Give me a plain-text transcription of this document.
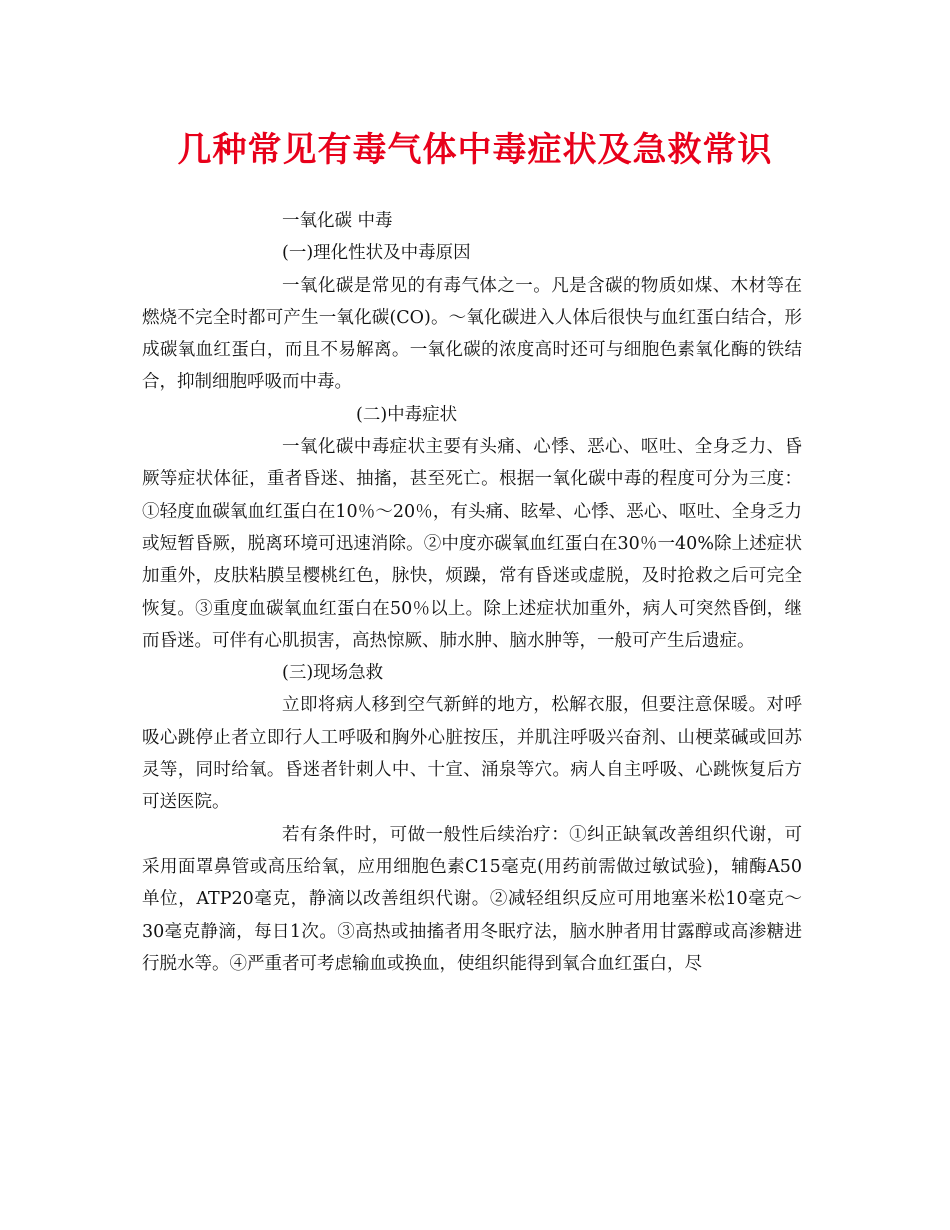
几种常见有毒气体中毒症状及急救常识

一氧化碳 中毒

(一)理化性状及中毒原因

一氧化碳是常见的有毒气体之一。凡是含碳的物质如煤、木材等在燃烧不完全时都可产生一氧化碳(CO)。～氧化碳进入人体后很快与血红蛋白结合，形成碳氧血红蛋白，而且不易解离。一氧化碳的浓度高时还可与细胞色素氧化酶的铁结合，抑制细胞呼吸而中毒。

(二)中毒症状

一氧化碳中毒症状主要有头痛、心悸、恶心、呕吐、全身乏力、昏厥等症状体征，重者昏迷、抽搐，甚至死亡。根据一氧化碳中毒的程度可分为三度：①轻度血碳氧血红蛋白在10％～20％，有头痛、眩晕、心悸、恶心、呕吐、全身乏力或短暂昏厥，脱离环境可迅速消除。②中度亦碳氧血红蛋白在30％一40%除上述症状加重外，皮肤粘膜呈樱桃红色，脉快，烦躁，常有昏迷或虚脱，及时抢救之后可完全恢复。③重度血碳氧血红蛋白在50％以上。除上述症状加重外，病人可突然昏倒，继而昏迷。可伴有心肌损害，高热惊厥、肺水肿、脑水肿等，一般可产生后遗症。

(三)现场急救

立即将病人移到空气新鲜的地方，松解衣服，但要注意保暖。对呼吸心跳停止者立即行人工呼吸和胸外心脏按压，并肌注呼吸兴奋剂、山梗菜碱或回苏灵等，同时给氧。昏迷者针刺人中、十宣、涌泉等穴。病人自主呼吸、心跳恢复后方可送医院。

若有条件时，可做一般性后续治疗：①纠正缺氧改善组织代谢，可采用面罩鼻管或高压给氧，应用细胞色素C15毫克(用药前需做过敏试验)，辅酶A50单位，ATP20毫克，静滴以改善组织代谢。②减轻组织反应可用地塞米松10毫克～30毫克静滴，每日1次。③高热或抽搐者用冬眠疗法，脑水肿者用甘露醇或高渗糖进行脱水等。④严重者可考虑输血或换血，使组织能得到氧合血红蛋白，尽
